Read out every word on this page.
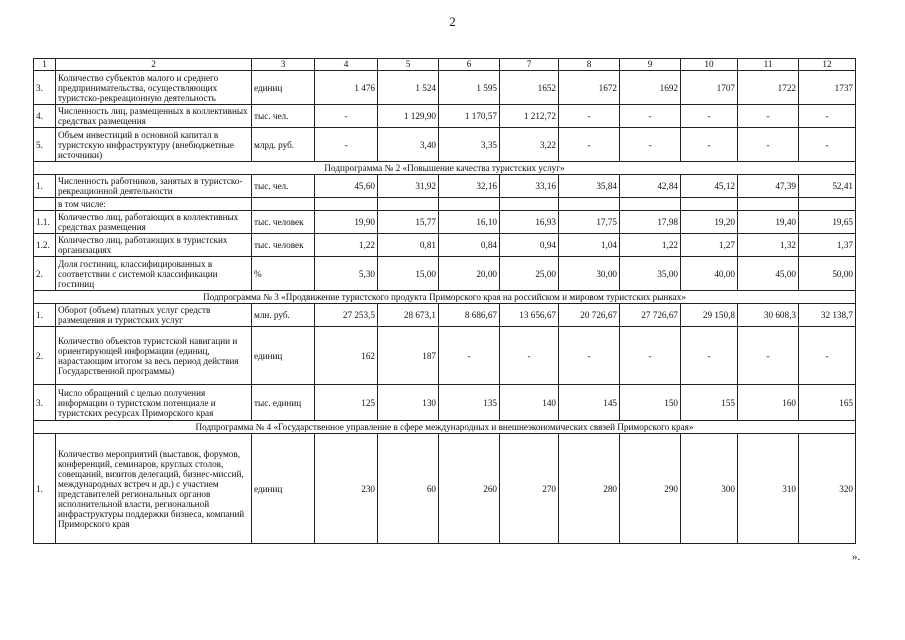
2
1	2	3	4	5	6	7	8	9	10	11	12
3.	Количество субъектов малого и среднего предпринимательства, осуществляющих туристско-рекреационную деятельность	единиц	1 476	1 524	1 595	1652	1672	1692	1707	1722	1737
4.	Численность лиц, размещенных в коллективных средствах размещения	тыс. чел.	-	1 129,90	1 170,57	1 212,72	-	-	-	-	-
5.	Объем инвестиций в основной капитал в туристскую инфраструктуру (внебюджетные источники)	млрд. руб.	-	3,40	3,35	3,22	-	-	-	-	-
Подпрограмма № 2 «Повышение качества туристских услуг»											
1.	Численность работников, занятых в туристско-рекреационной деятельности	тыс. чел.	45,60	31,92	32,16	33,16	35,84	42,84	45,12	47,39	52,41
	в том числе:										
1.1.	Количество лиц, работающих в коллективных средствах размещения	тыс. человек	19,90	15,77	16,10	16,93	17,75	17,98	19,20	19,40	19,65
1.2.	Количество лиц, работающих в туристских организациях	тыс. человек	1,22	0,81	0,84	0,94	1,04	1,22	1,27	1,32	1,37
2.	Доля гостиниц, классифицированных в соответствии с системой классификации гостиниц	%	5,30	15,00	20,00	25,00	30,00	35,00	40,00	45,00	50,00
Подпрограмма № 3 «Продвижение туристского продукта Приморского края на российском и мировом туристских рынках»											
1.	Оборот (объем) платных услуг средств размещения и туристских услуг	млн. руб.	27 253,5	28 673,1	8 686,67	13 656,67	20 726,67	27 726,67	29 150,8	30 608,3	32 138,7
2.	Количество объектов туристской навигации и ориентирующей информации (единиц, нарастающим итогом за весь период действия Государственной программы)	единиц	162	187	-	-	-	-	-	-	-
3.	Число обращений с целью получения информации о туристском потенциале и туристских ресурсах Приморского края	тыс. единиц	125	130	135	140	145	150	155	160	165
Подпрограмма № 4 «Государственное управление в сфере международных и внешнеэкономических связей Приморского края»											
1.	Количество мероприятий (выставок, форумов, конференций, семинаров, круглых столов, совещаний, визитов делегаций, бизнес-миссий, международных встреч и др.) с участием представителей региональных органов исполнительной власти, региональной инфраструктуры поддержки бизнеса, компаний Приморского края	единиц	230	60	260	270	280	290	300	310	320
».
